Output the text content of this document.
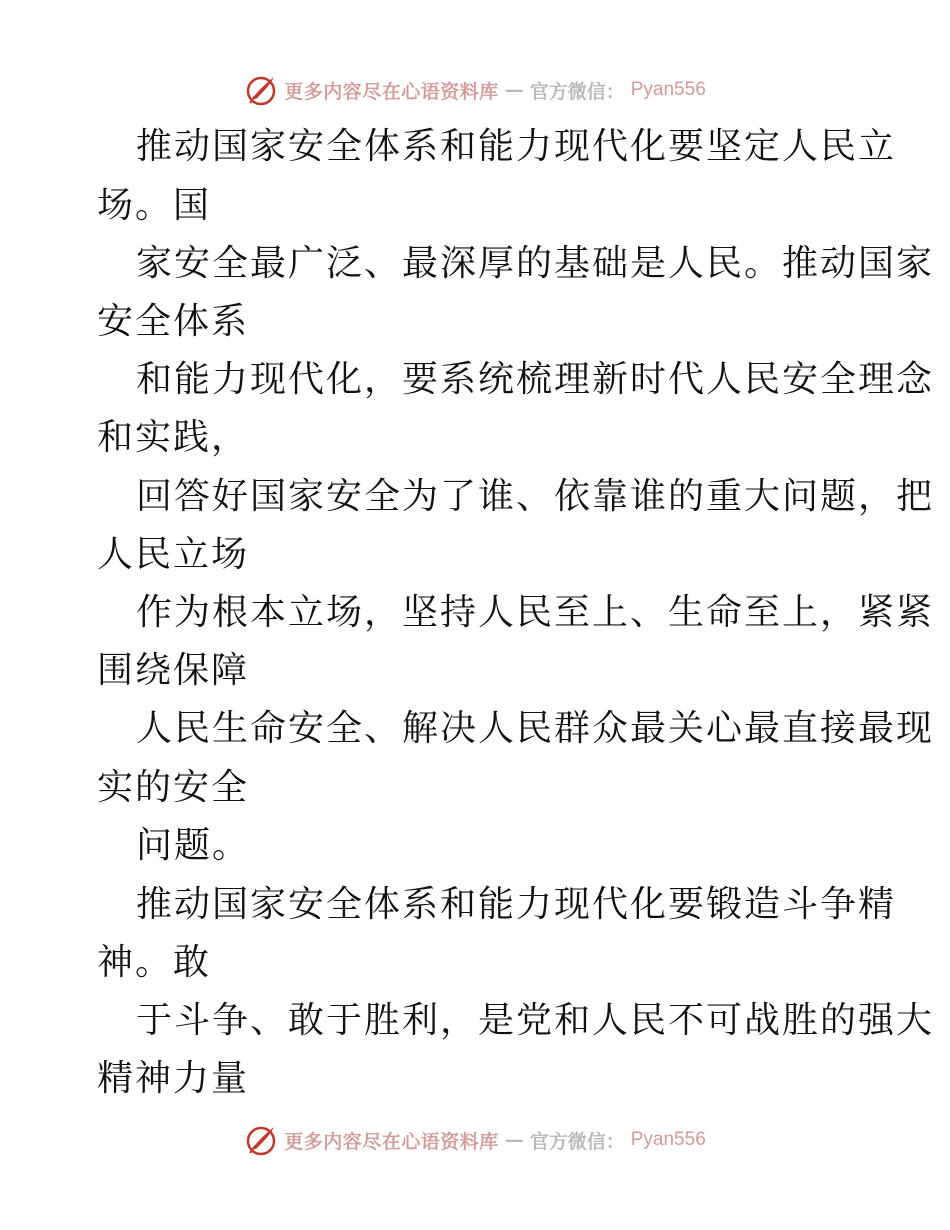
更多内容尽在心语资料库 — 官方微信： Pyan556

推动国家安全体系和能力现代化要坚定人民立

场。国

家安全最广泛、最深厚的基础是人民。推动国家

安全体系

和能力现代化，要系统梳理新时代人民安全理念

和实践，

回答好国家安全为了谁、依靠谁的重大问题，把

人民立场

作为根本立场，坚持人民至上、生命至上，紧紧

围绕保障

人民生命安全、解决人民群众最关心最直接最现

实的安全

问题。

推动国家安全体系和能力现代化要锻造斗争精

神。敢

于斗争、敢于胜利，是党和人民不可战胜的强大

精神力量

更多内容尽在心语资料库 — 官方微信： Pyan556
